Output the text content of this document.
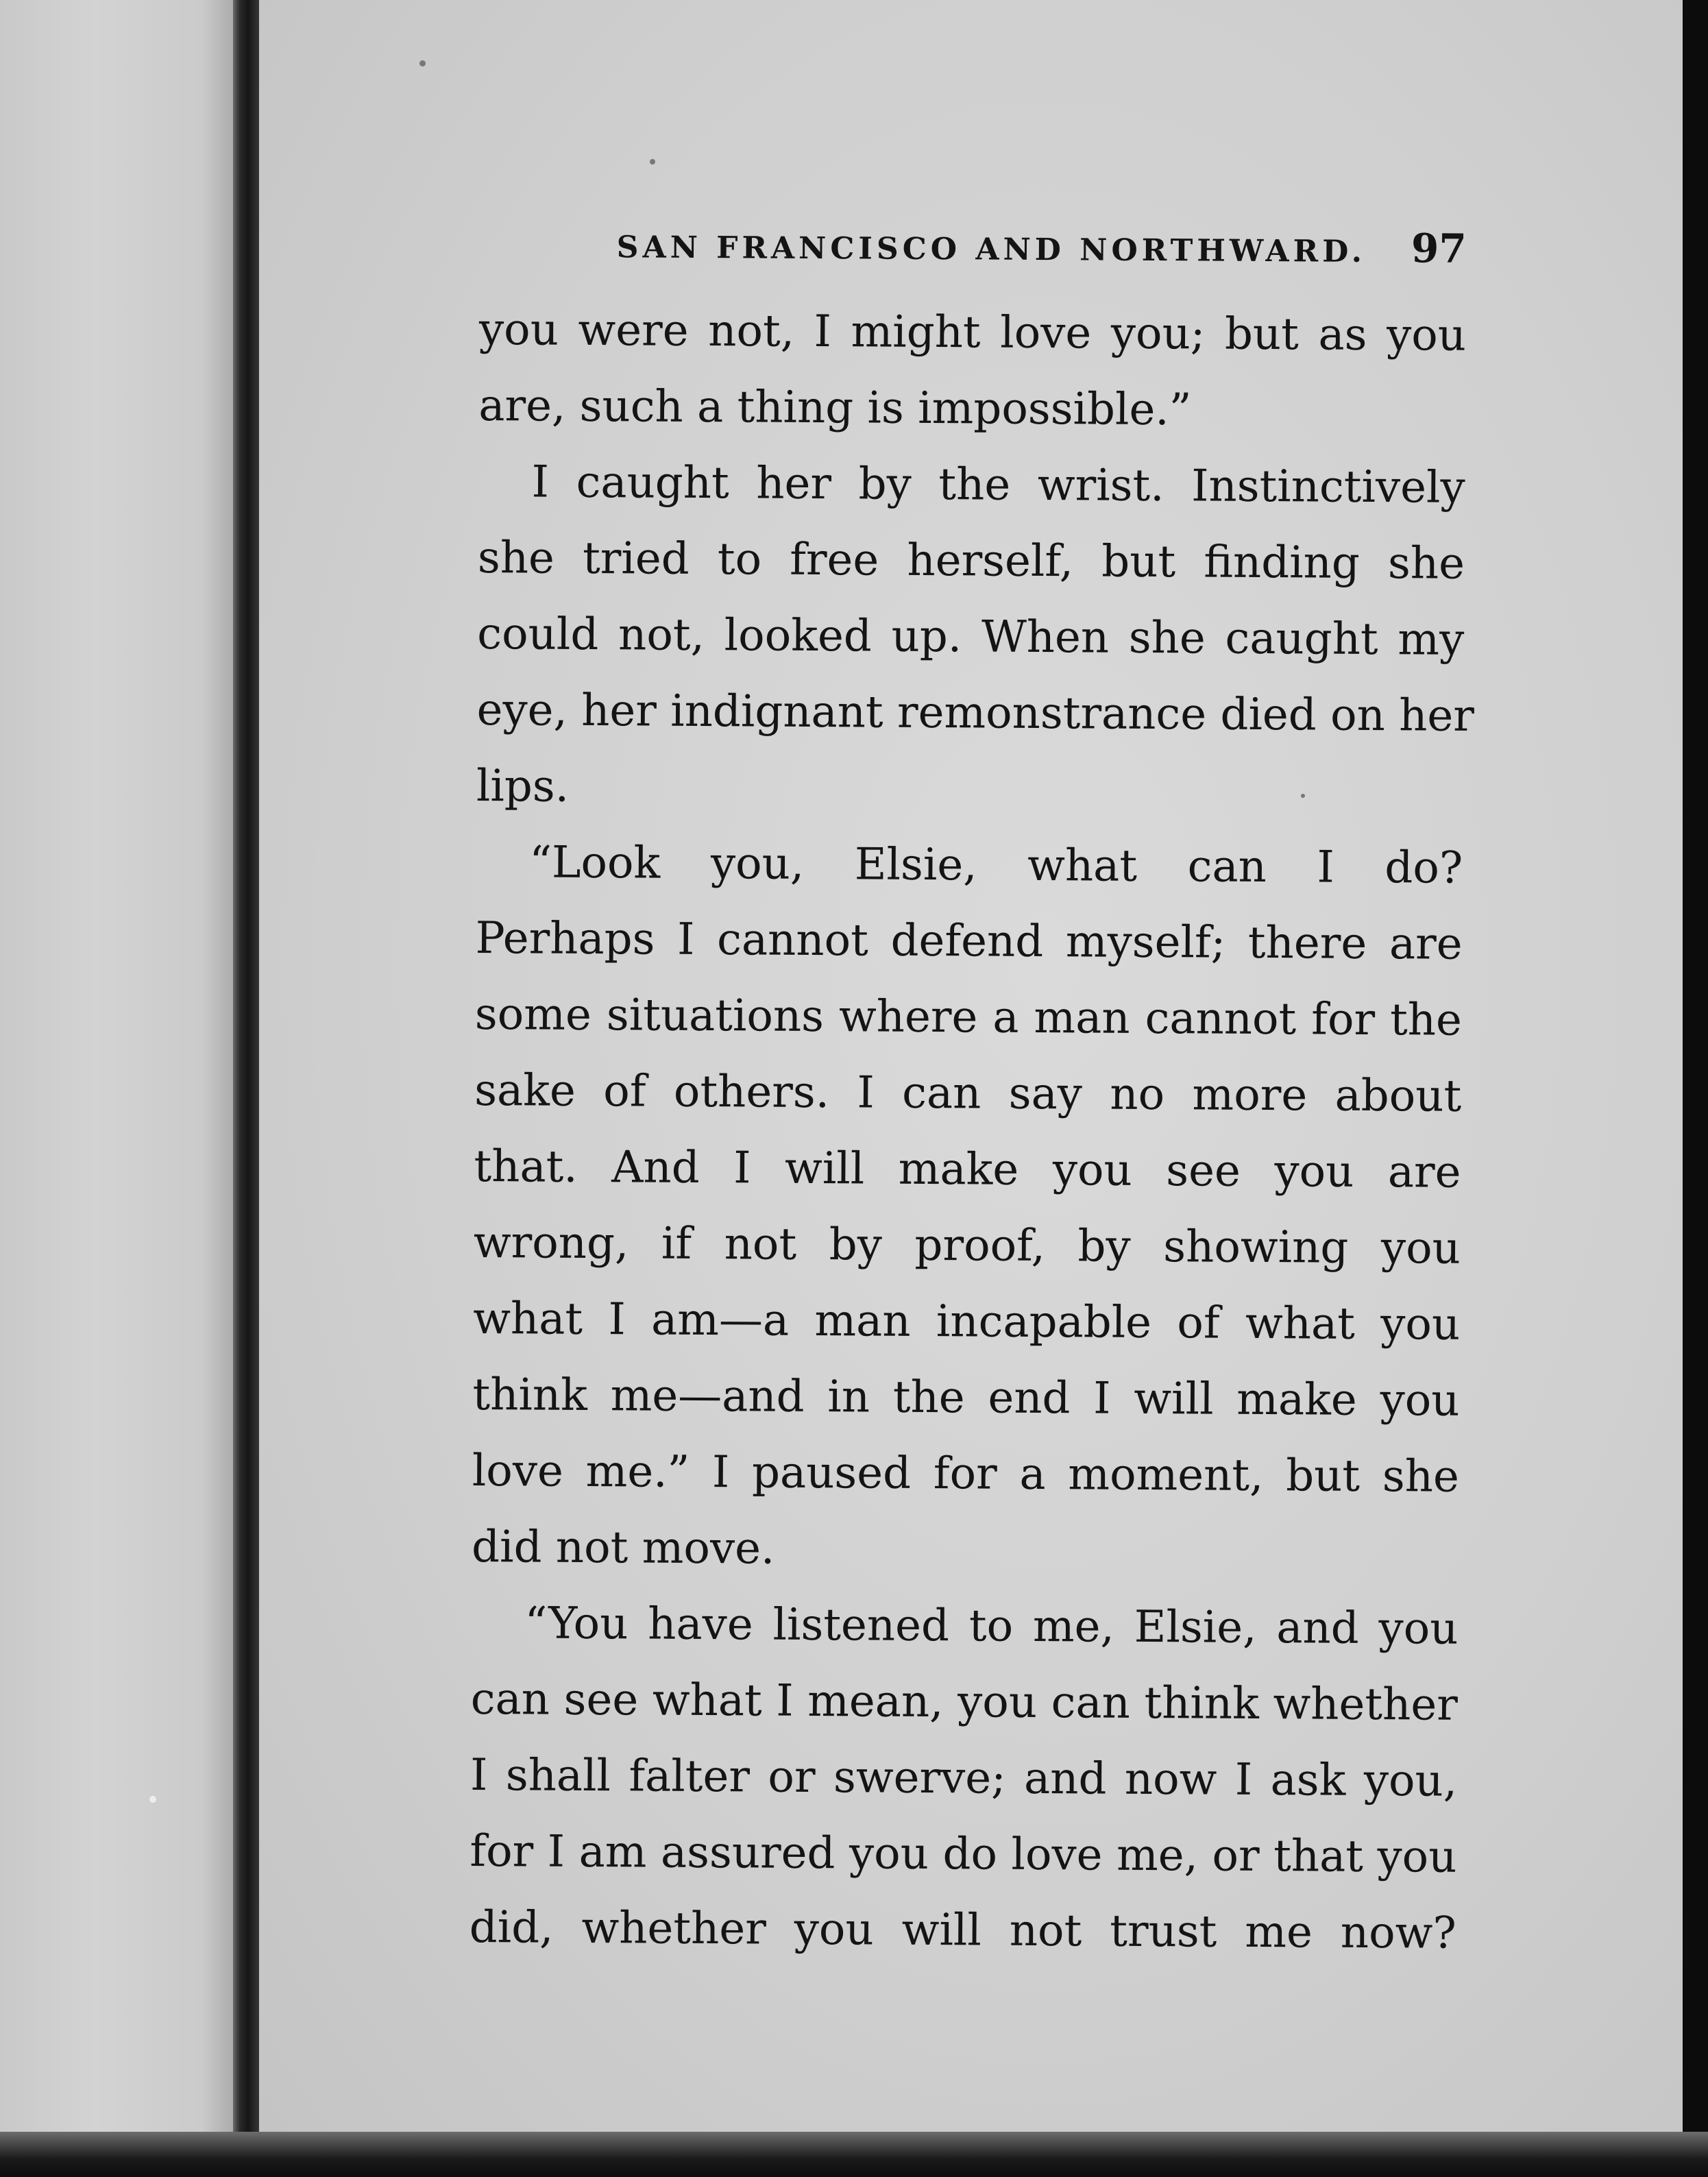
SAN FRANCISCO AND NORTHWARD. 97
you were not, I might love you; but as you
are, such a thing is impossible.”
I caught her by the wrist. Instinctively
she tried to free herself, but finding she
could not, looked up. When she caught my
eye, her indignant remonstrance died on her
lips.
“Look you, Elsie, what can I do?
Perhaps I cannot defend myself; there are
some situations where a man cannot for the
sake of others. I can say no more about
that. And I will make you see you are
wrong, if not by proof, by showing you
what I am—a man incapable of what you
think me—and in the end I will make you
love me.” I paused for a moment, but she
did not move.
“You have listened to me, Elsie, and you
can see what I mean, you can think whether
I shall falter or swerve; and now I ask you,
for I am assured you do love me, or that you
did, whether you will not trust me now?
